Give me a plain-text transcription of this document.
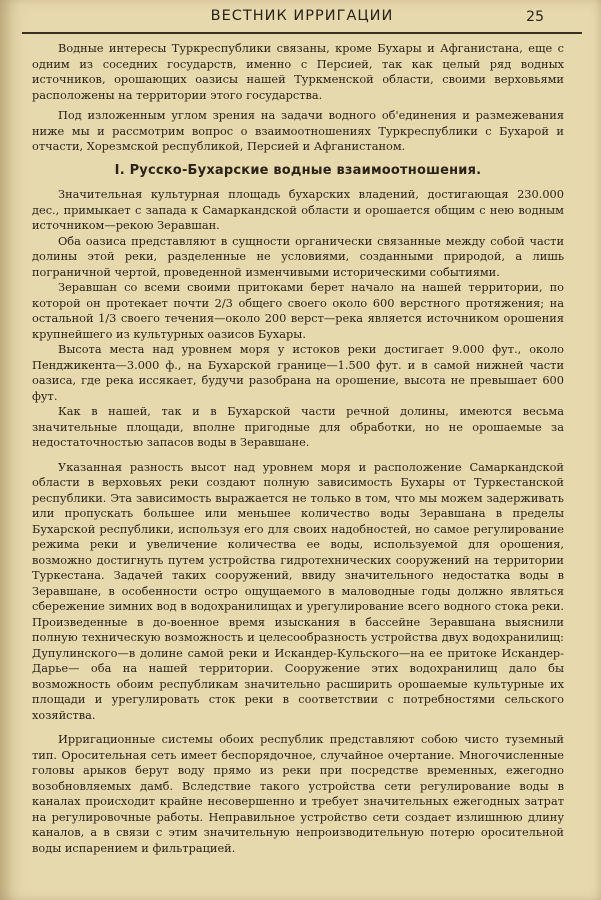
ВЕСТНИК ИРРИГАЦИИ	25

Водные интересы Туркреспублики связаны, кроме Бухары и Афганистана, еще с одним из соседних государств, именно с Персией, так как целый ряд водных источников, орошающих оазисы нашей Туркменской области, своими верховьями расположены на территории этого государства.

Под изложенным углом зрения на задачи водного об'единения и размежевания ниже мы и рассмотрим вопрос о взаимоотношениях Туркреспублики с Бухарой и отчасти, Хорезмской республикой, Персией и Афганистаном.

I. Русско-Бухарские водные взаимоотношения.

Значительная культурная площадь бухарских владений, достигающая 230.000 дес., примыкает с запада к Самаркандской области и орошается общим с нею водным источником—рекою Зеравшан.

Оба оазиса представляют в сущности органически связанные между собой части долины этой реки, разделенные не условиями, созданными природой, а лишь пограничной чертой, проведенной изменчивыми историческими событиями.

Зеравшан со всеми своими притоками берет начало на нашей территории, по которой он протекает почти 2/3 общего своего около 600 верстного протяжения; на остальной 1/3 своего течения—около 200 верст—река является источником орошения крупнейшего из культурных оазисов Бухары.

Высота места над уровнем моря у истоков реки достигает 9.000 фут., около Пенджикента—3.000 ф., на Бухарской границе—1.500 фут. и в самой нижней части оазиса, где река иссякает, будучи разобрана на орошение, высота не превышает 600 фут.

Как в нашей, так и в Бухарской части речной долины, имеются весьма значительные площади, вполне пригодные для обработки, но не орошаемые за недостаточностью запасов воды в Зеравшане.

Указанная разность высот над уровнем моря и расположение Самаркандской области в верховьях реки создают полную зависимость Бухары от Туркестанской республики. Эта зависимость выражается не только в том, что мы можем задерживать или пропускать большее или меньшее количество воды Зеравшана в пределы Бухарской республики, используя его для своих надобностей, но самое регулирование режима реки и увеличение количества ее воды, используемой для орошения, возможно достигнуть путем устройства гидротехнических сооружений на территории Туркестана. Задачей таких сооружений, ввиду значительного недостатка воды в Зеравшане, в особенности остро ощущаемого в маловодные годы должно являться сбережение зимних вод в водохранилищах и урегулирование всего водного стока реки. Произведенные в до-военное время изыскания в бассейне Зеравшана выяснили полную техническую возможность и целесообразность устройства двух водохранилищ: Дупулинского—в долине самой реки и Искандер-Кульского—на ее притоке Искандер-Дарье— оба на нашей территории. Сооружение этих водохранилищ дало бы возможность обоим республикам значительно расширить орошаемые культурные их площади и урегулировать сток реки в соответствии с потребностями сельского хозяйства.

Ирригационные системы обоих республик представляют собою чисто туземный тип. Оросительная сеть имеет беспорядочное, случайное очертание. Многочисленные головы арыков берут воду прямо из реки при посредстве временных, ежегодно возобновляемых дамб. Вследствие такого устройства сети регулирование воды в каналах происходит крайне несовершенно и требует значительных ежегодных затрат на регулировочные работы. Неправильное устройство сети создает излишнюю длину каналов, а в связи с этим значительную непроизводительную потерю оросительной воды испарением и фильтрацией.
